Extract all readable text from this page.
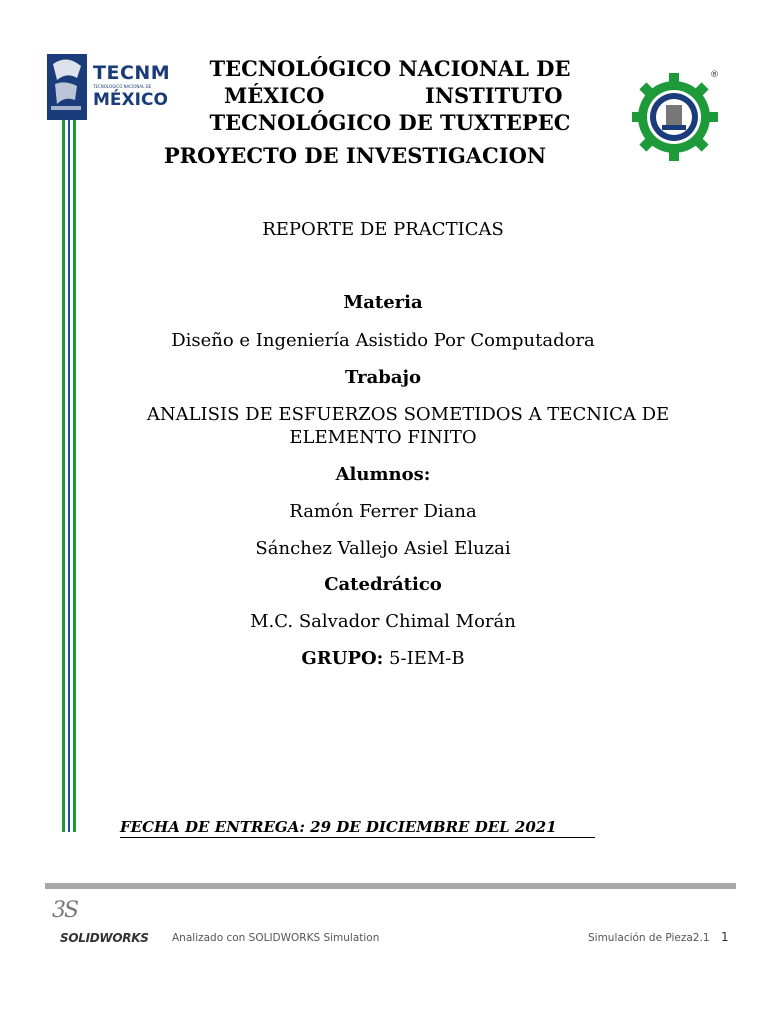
TECNM
TECNOLÓGICO NACIONAL DE
MÉXICO
®
TECNOLÓGICO NACIONAL DE
MÉXICO	INSTITUTO
TECNOLÓGICO DE TUXTEPEC
PROYECTO DE INVESTIGACION
REPORTE DE PRACTICAS
Materia
Diseño e Ingeniería Asistido Por Computadora
Trabajo
ANALISIS DE ESFUERZOS SOMETIDOS A TECNICA DE
ELEMENTO FINITO
Alumnos:
Ramón Ferrer Diana
Sánchez Vallejo Asiel Eluzai
Catedrático
M.C. Salvador Chimal Morán
GRUPO: 5-IEM-B
FECHA DE ENTREGA: 29 DE DICIEMBRE DEL 2021
3S
SOLIDWORKS Analizado con SOLIDWORKS Simulation	Simulación de Pieza2.1 1
